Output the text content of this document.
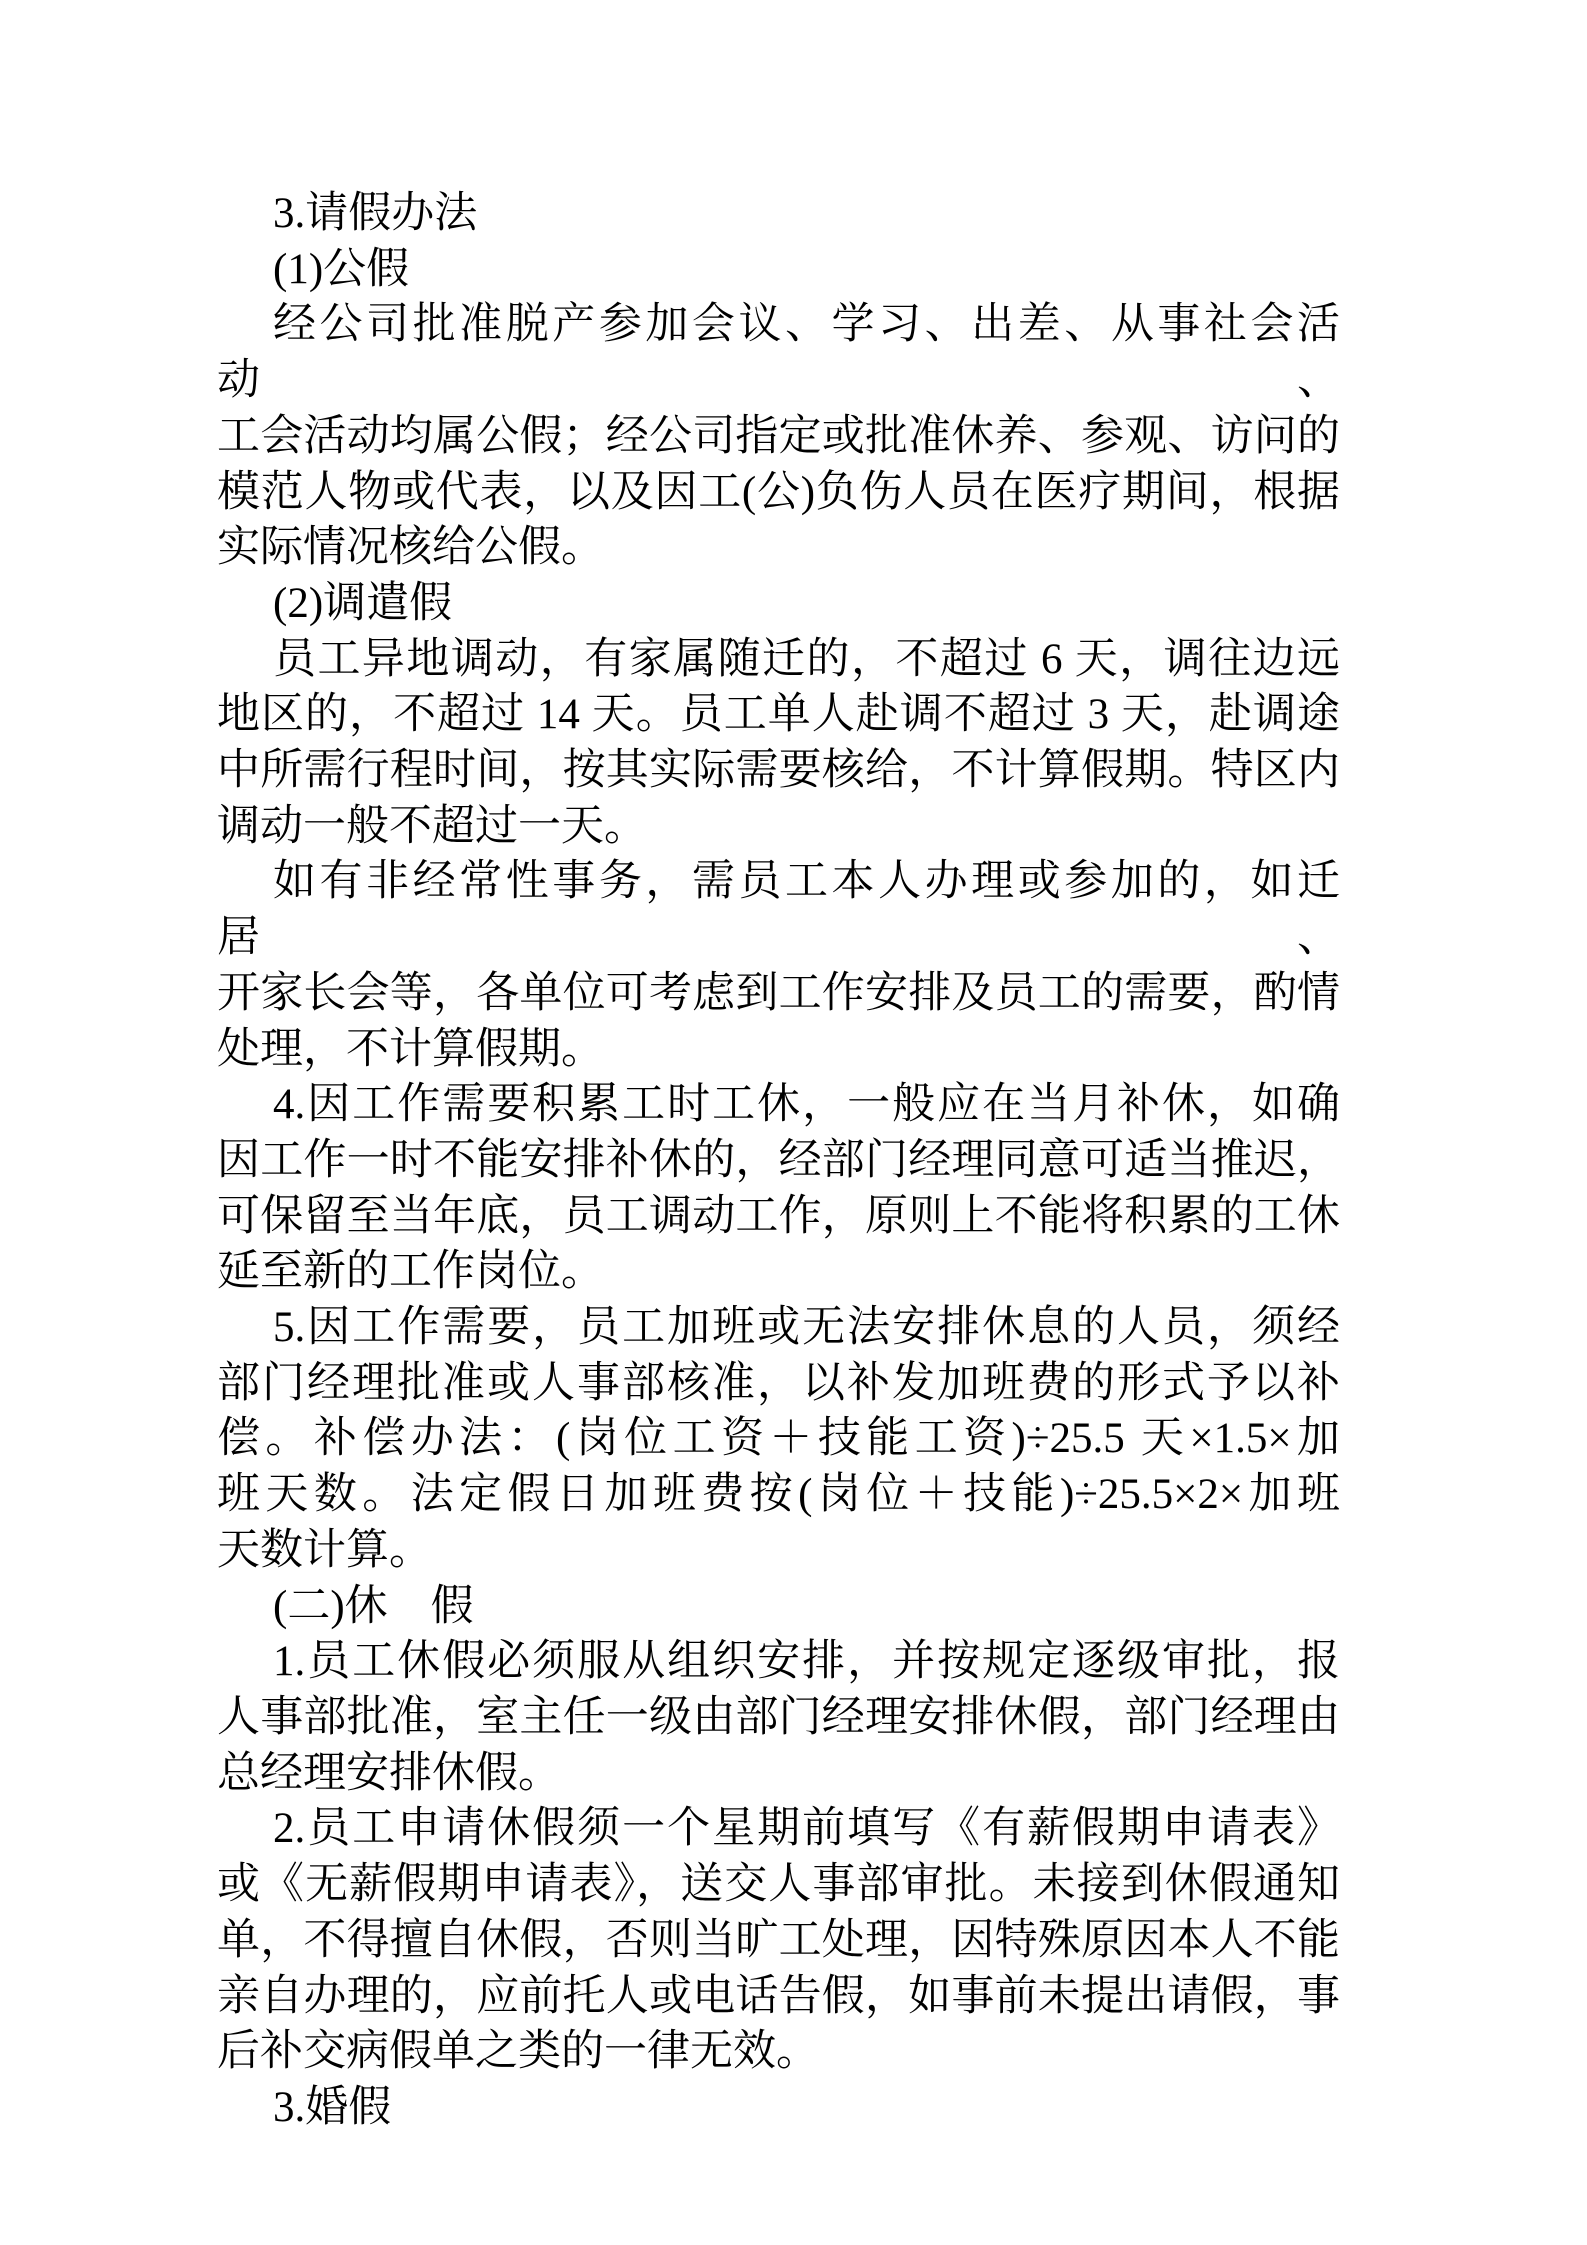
3.请假办法
(1)公假
经公司批准脱产参加会议、学习、出差、从事社会活动、
工会活动均属公假；经公司指定或批准休养、参观、访问的
模范人物或代表，以及因工(公)负伤人员在医疗期间，根据
实际情况核给公假。
(2)调遣假
员工异地调动，有家属随迁的，不超过 6 天，调往边远
地区的，不超过 14 天。员工单人赴调不超过 3 天，赴调途
中所需行程时间，按其实际需要核给，不计算假期。特区内
调动一般不超过一天。
如有非经常性事务，需员工本人办理或参加的，如迁居、
开家长会等，各单位可考虑到工作安排及员工的需要，酌情
处理，不计算假期。
4.因工作需要积累工时工休，一般应在当月补休，如确
因工作一时不能安排补休的，经部门经理同意可适当推迟，
可保留至当年底，员工调动工作，原则上不能将积累的工休
延至新的工作岗位。
5.因工作需要，员工加班或无法安排休息的人员，须经
部门经理批准或人事部核准，以补发加班费的形式予以补
偿。补偿办法：(岗位工资＋技能工资)÷25.5 天×1.5×加
班天数。法定假日加班费按(岗位＋技能)÷25.5×2×加班
天数计算。
(二)休　假
1.员工休假必须服从组织安排，并按规定逐级审批，报
人事部批准，室主任一级由部门经理安排休假，部门经理由
总经理安排休假。
2.员工申请休假须一个星期前填写《有薪假期申请表》
或《无薪假期申请表》，送交人事部审批。未接到休假通知
单，不得擅自休假，否则当旷工处理，因特殊原因本人不能
亲自办理的，应前托人或电话告假，如事前未提出请假，事
后补交病假单之类的一律无效。
3.婚假
